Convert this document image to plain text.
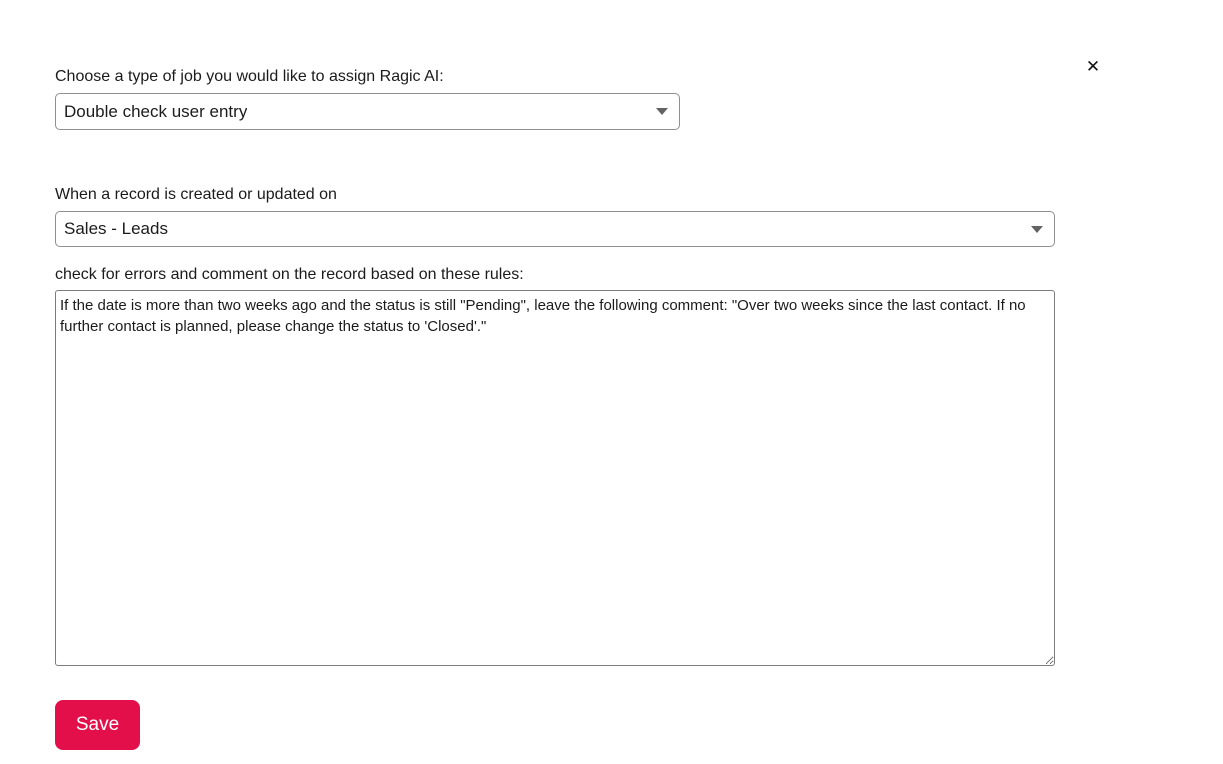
✕
Choose a type of job you would like to assign Ragic AI:
Double check user entry
When a record is created or updated on
Sales - Leads
check for errors and comment on the record based on these rules:
If the date is more than two weeks ago and the status is still "Pending", leave the following comment: "Over two weeks since the last contact. If no further contact is planned, please change the status to 'Closed'."
Save
